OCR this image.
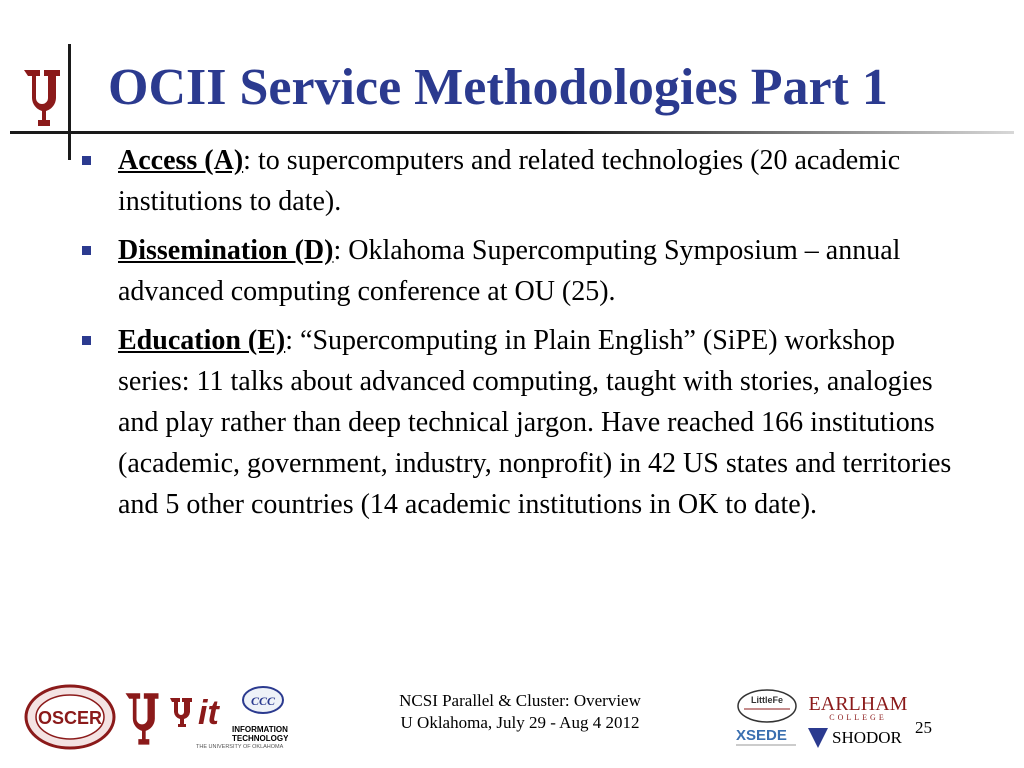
OCII Service Methodologies Part 1
Access (A): to supercomputers and related technologies (20 academic institutions to date).
Dissemination (D): Oklahoma Supercomputing Symposium – annual advanced computing conference at OU (25).
Education (E): “Supercomputing in Plain English” (SiPE) workshop series: 11 talks about advanced computing, taught with stories, analogies and play rather than deep technical jargon. Have reached 166 institutions (academic, government, industry, nonprofit) in 42 US states and territories and 5 other countries (14 academic institutions in OK to date).
OSCER	it	CCC
INFORMATION
TECHNOLOGY
THE UNIVERSITY OF OKLAHOMA
NCSI Parallel & Cluster: Overview
U Oklahoma, July 29 - Aug 4 2012
LittleFe EARLHAM
COLLEGE
XSEDE	SHODOR
25
